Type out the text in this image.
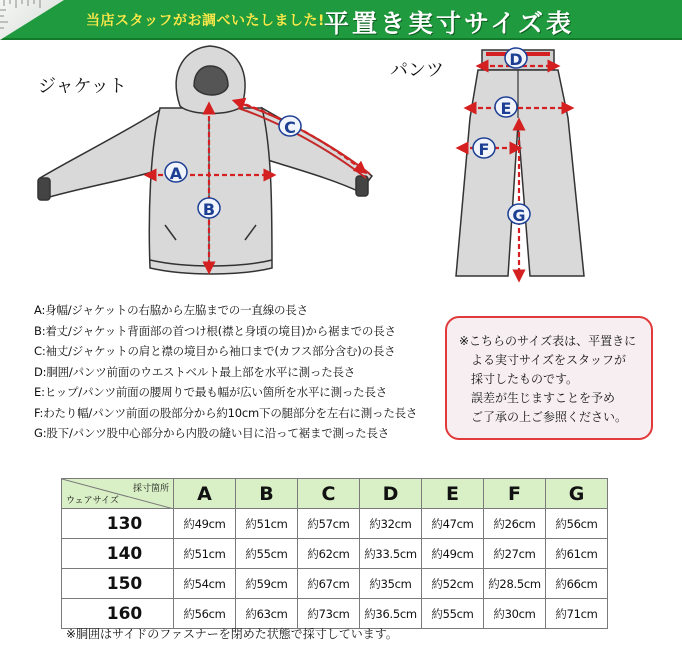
当店スタッフがお調べいたしました! 平置き実寸サイズ表
ジャケット
パンツ
A
B
C
D
E
F
G
A:身幅/ジャケットの右脇から左脇までの一直線の長さ
B:着丈/ジャケット背面部の首つけ根(襟と身頃の境目)から裾までの長さ
C:袖丈/ジャケットの肩と襟の境目から袖口まで(カフス部分含む)の長さ
D:胴囲/パンツ前面のウエストベルト最上部を水平に測った長さ
E:ヒップ/パンツ前面の腰周りで最も幅が広い箇所を水平に測った長さ
F:わたり幅/パンツ前面の股部分から約10cm下の腿部分を左右に測った長さ
G:股下/パンツ股中心部分から内股の縫い目に沿って裾まで測った長さ
※こちらのサイズ表は、平置きに
よる実寸サイズをスタッフが
採寸したものです。
誤差が生じますことを予め
ご了承の上ご参照ください。
採寸箇所
ウェアサイズ	A	B	C	D	E	F	G
130	約49cm	約51cm	約57cm	約32cm	約47cm	約26cm	約56cm
140	約51cm	約55cm	約62cm	約33.5cm	約49cm	約27cm	約61cm
150	約54cm	約59cm	約67cm	約35cm	約52cm	約28.5cm	約66cm
160	約56cm	約63cm	約73cm	約36.5cm	約55cm	約30cm	約71cm
※胴囲はサイドのファスナーを閉めた状態で採寸しています。
